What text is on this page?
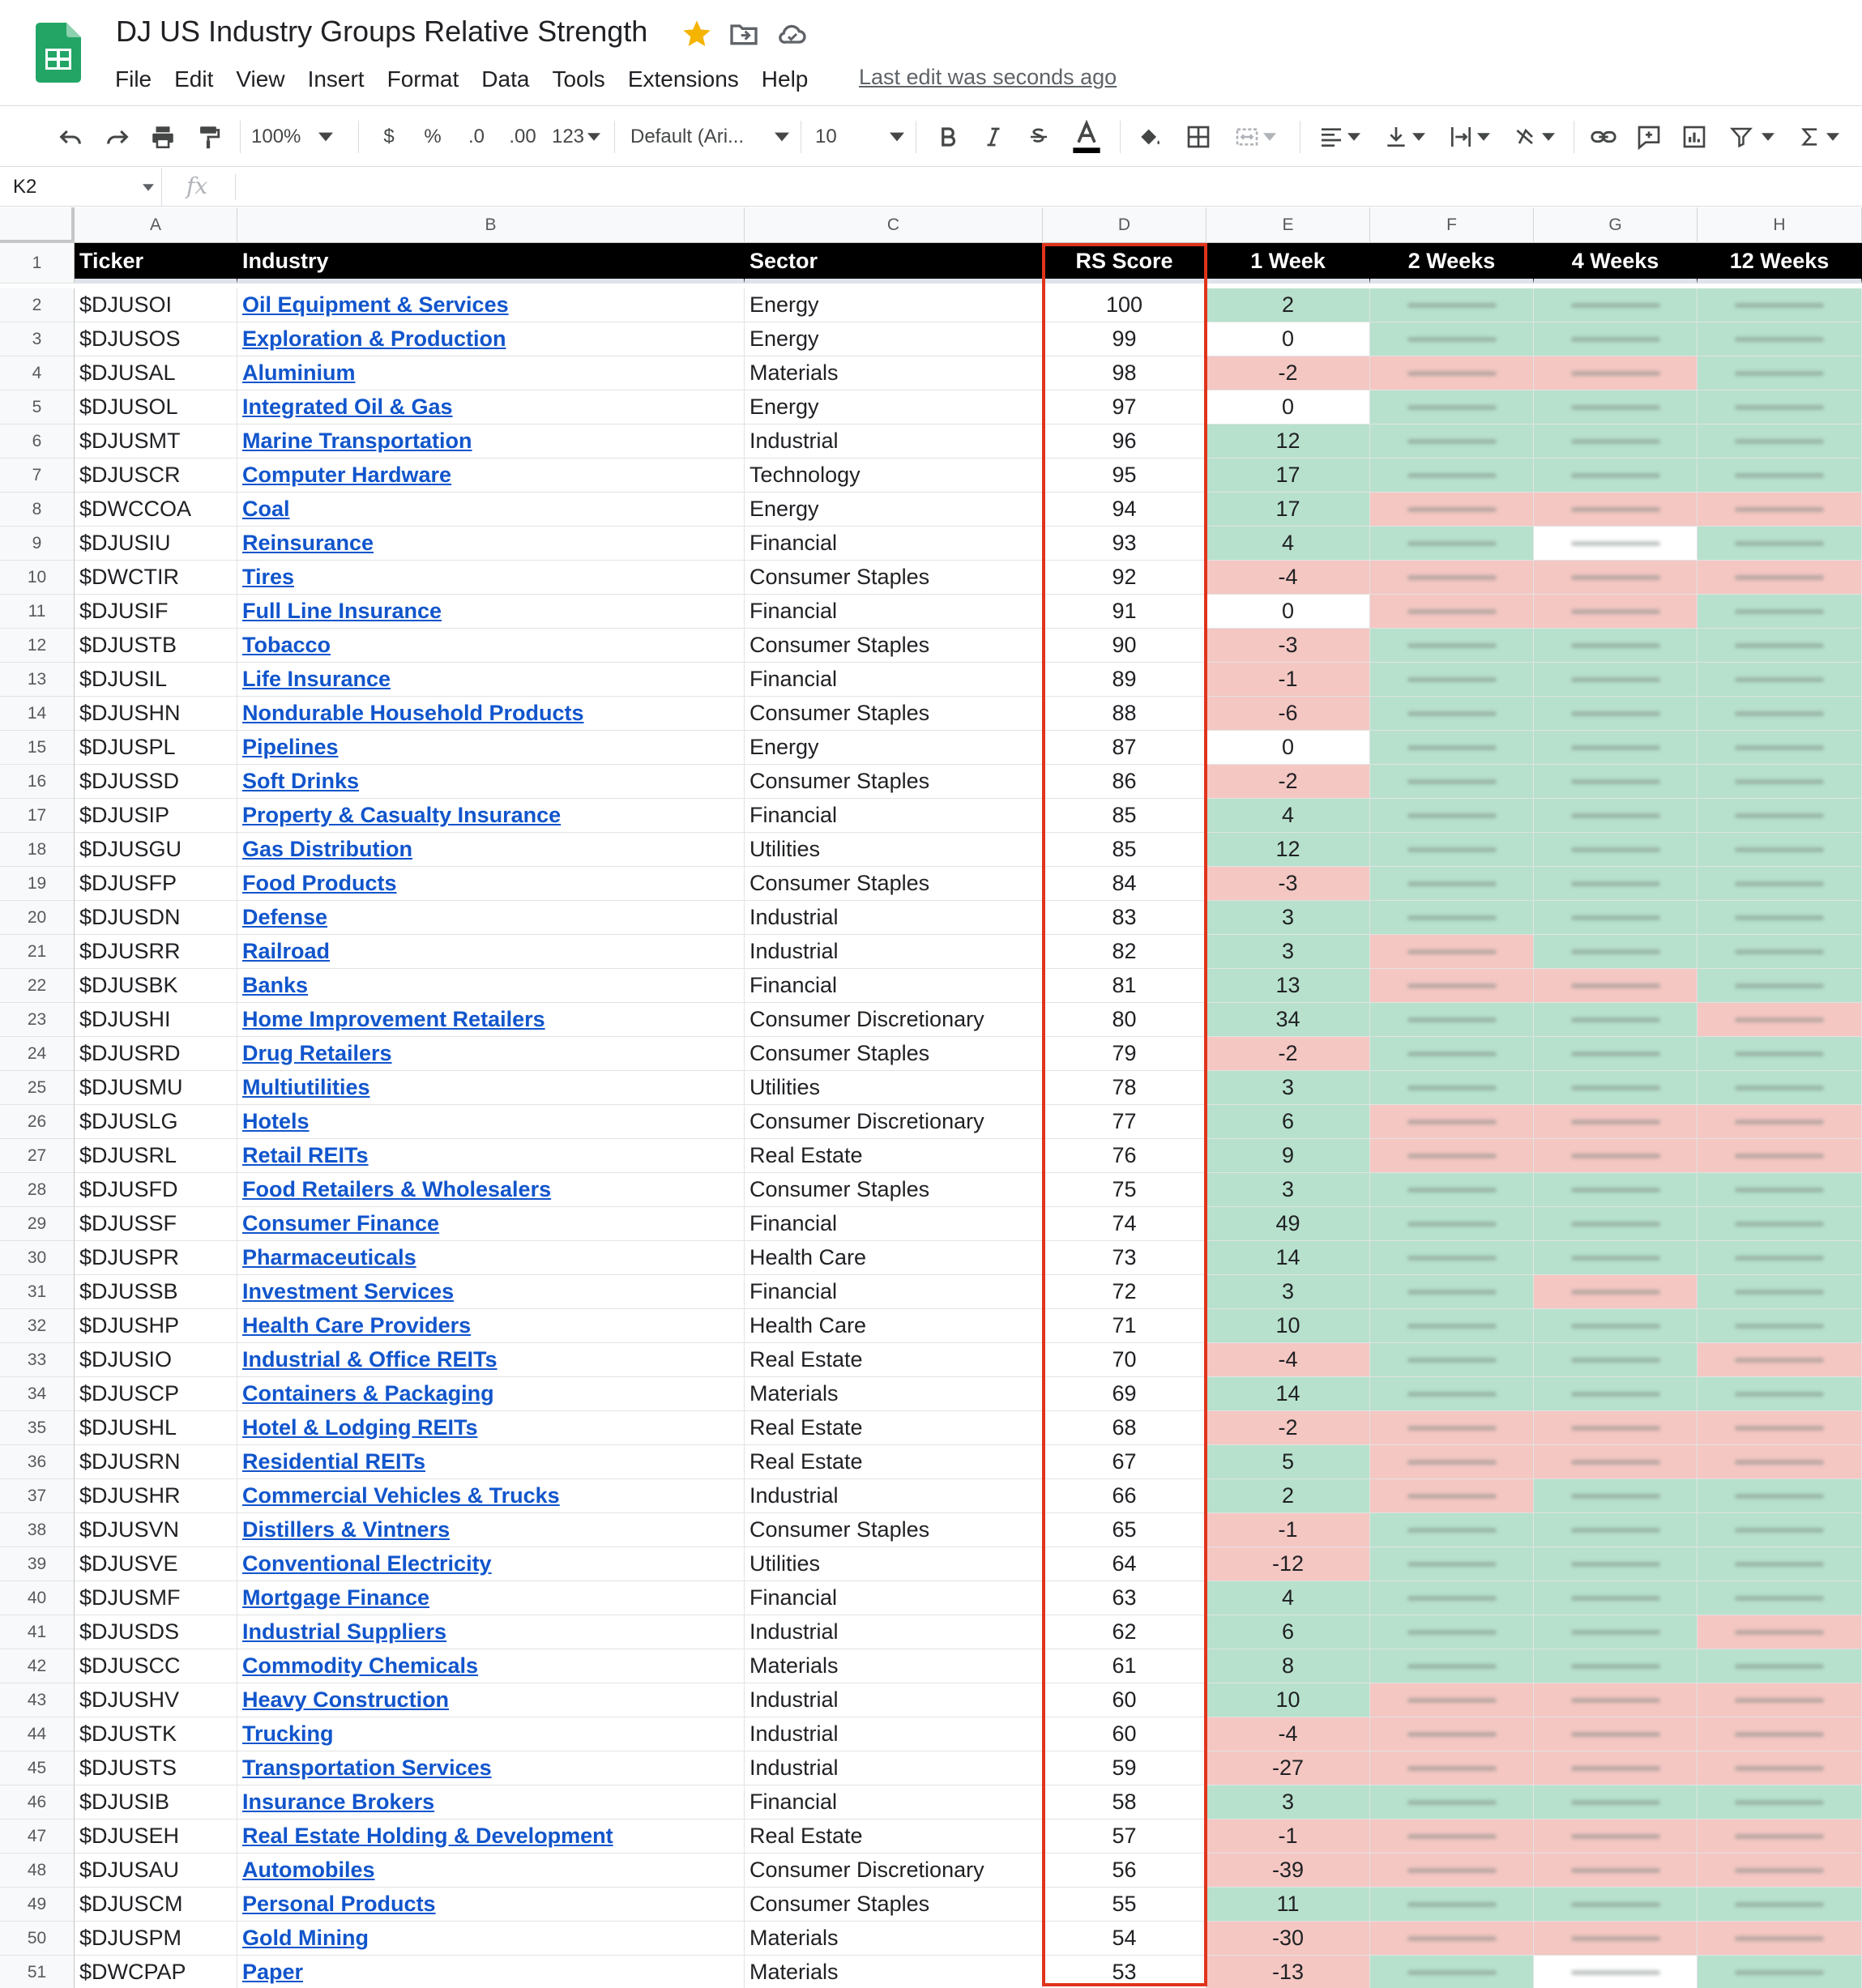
DJ US Industry Groups Relative Strength
File Edit View Insert Format Data Tools Extensions Help Last edit was seconds ago
100%	$	%	.0	.00 123 Default (Ari...	10
K2	fx
A	B	C	D	E	F	G	H
1	Ticker	Industry	Sector	RS Score	1 Week	2 Weeks	4 Weeks	12 Weeks
2	$DJUSOI	Oil Equipment & Services	Energy	100	2
3	$DJUSOS	Exploration & Production	Energy	99	0
4	$DJUSAL	Aluminium	Materials	98	-2
5	$DJUSOL	Integrated Oil & Gas	Energy	97	0
6	$DJUSMT	Marine Transportation	Industrial	96	12
7	$DJUSCR	Computer Hardware	Technology	95	17
8	$DWCCOA	Coal	Energy	94	17
9	$DJUSIU	Reinsurance	Financial	93	4
10	$DWCTIR	Tires	Consumer Staples	92	-4
11	$DJUSIF	Full Line Insurance	Financial	91	0
12	$DJUSTB	Tobacco	Consumer Staples	90	-3
13	$DJUSIL	Life Insurance	Financial	89	-1
14	$DJUSHN	Nondurable Household Products	Consumer Staples	88	-6
15	$DJUSPL	Pipelines	Energy	87	0
16	$DJUSSD	Soft Drinks	Consumer Staples	86	-2
17	$DJUSIP	Property & Casualty Insurance	Financial	85	4
18	$DJUSGU	Gas Distribution	Utilities	85	12
19	$DJUSFP	Food Products	Consumer Staples	84	-3
20	$DJUSDN	Defense	Industrial	83	3
21	$DJUSRR	Railroad	Industrial	82	3
22	$DJUSBK	Banks	Financial	81	13
23	$DJUSHI	Home Improvement Retailers	Consumer Discretionary	80	34
24	$DJUSRD	Drug Retailers	Consumer Staples	79	-2
25	$DJUSMU	Multiutilities	Utilities	78	3
26	$DJUSLG	Hotels	Consumer Discretionary	77	6
27	$DJUSRL	Retail REITs	Real Estate	76	9
28	$DJUSFD	Food Retailers & Wholesalers	Consumer Staples	75	3
29	$DJUSSF	Consumer Finance	Financial	74	49
30	$DJUSPR	Pharmaceuticals	Health Care	73	14
31	$DJUSSB	Investment Services	Financial	72	3
32	$DJUSHP	Health Care Providers	Health Care	71	10
33	$DJUSIO	Industrial & Office REITs	Real Estate	70	-4
34	$DJUSCP	Containers & Packaging	Materials	69	14
35	$DJUSHL	Hotel & Lodging REITs	Real Estate	68	-2
36	$DJUSRN	Residential REITs	Real Estate	67	5
37	$DJUSHR	Commercial Vehicles & Trucks	Industrial	66	2
38	$DJUSVN	Distillers & Vintners	Consumer Staples	65	-1
39	$DJUSVE	Conventional Electricity	Utilities	64	-12
40	$DJUSMF	Mortgage Finance	Financial	63	4
41	$DJUSDS	Industrial Suppliers	Industrial	62	6
42	$DJUSCC	Commodity Chemicals	Materials	61	8
43	$DJUSHV	Heavy Construction	Industrial	60	10
44	$DJUSTK	Trucking	Industrial	60	-4
45	$DJUSTS	Transportation Services	Industrial	59	-27
46	$DJUSIB	Insurance Brokers	Financial	58	3
47	$DJUSEH	Real Estate Holding & Development	Real Estate	57	-1
48	$DJUSAU	Automobiles	Consumer Discretionary	56	-39
49	$DJUSCM	Personal Products	Consumer Staples	55	11
50	$DJUSPM	Gold Mining	Materials	54	-30
51	$DWCPAP	Paper	Materials	53	-13
